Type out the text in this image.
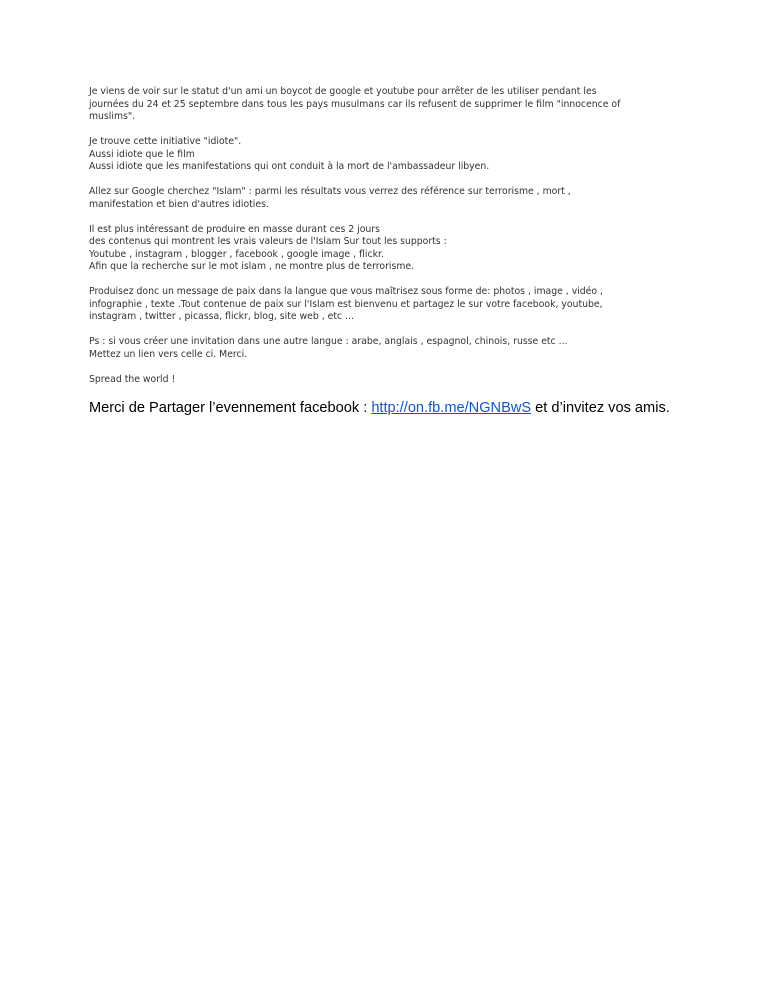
Je viens de voir sur le statut d'un ami un boycot de google et youtube pour arrêter de les utiliser pendant les
journées du 24 et 25 septembre dans tous les pays musulmans car ils refusent de supprimer le film "innocence of
muslims".
Je trouve cette initiative "idiote".
Aussi idiote que le film
Aussi idiote que les manifestations qui ont conduit à la mort de l'ambassadeur libyen.
Allez sur Google cherchez "Islam" : parmi les résultats vous verrez des référence sur terrorisme , mort ,
manifestation et bien d'autres idioties.
Il est plus intéressant de produire en masse durant ces 2 jours
des contenus qui montrent les vrais valeurs de l'Islam Sur tout les supports :
Youtube , instagram , blogger , facebook , google image , flickr.
Afin que la recherche sur le mot islam , ne montre plus de terrorisme.
Produisez donc un message de paix dans la langue que vous maîtrisez sous forme de: photos , image , vidéo ,
infographie , texte .Tout contenue de paix sur l'Islam est bienvenu et partagez le sur votre facebook, youtube,
instagram , twitter , picassa, flickr, blog, site web , etc ...
Ps : si vous créer une invitation dans une autre langue : arabe, anglais , espagnol, chinois, russe etc ...
Mettez un lien vers celle ci. Merci.
Spread the world !
Merci de Partager l’evennement facebook : http://on.fb.me/NGNBwS et d’invitez vos amis.
